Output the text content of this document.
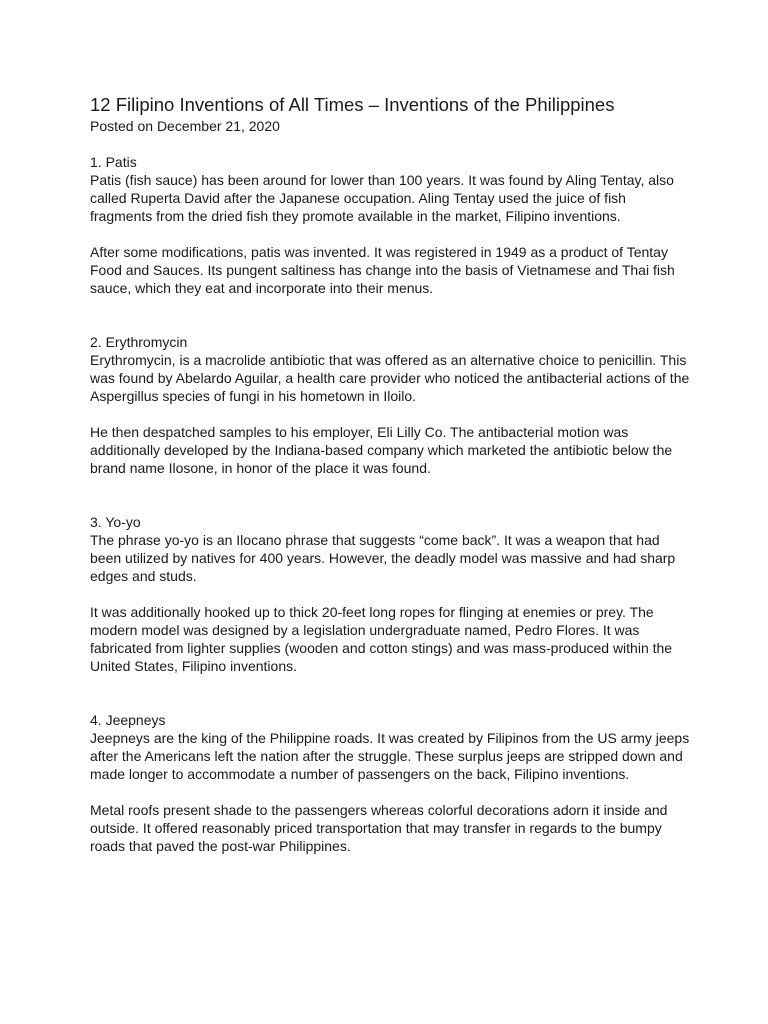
12 Filipino Inventions of All Times – Inventions of the Philippines
Posted on December 21, 2020
1. Patis

Patis (fish sauce) has been around for lower than 100 years. It was found by Aling Tentay, also called Ruperta David after the Japanese occupation. Aling Tentay used the juice of fish fragments from the dried fish they promote available in the market, Filipino inventions.

After some modifications, patis was invented. It was registered in 1949 as a product of Tentay Food and Sauces. Its pungent saltiness has change into the basis of Vietnamese and Thai fish sauce, which they eat and incorporate into their menus.

2. Erythromycin

Erythromycin, is a macrolide antibiotic that was offered as an alternative choice to penicillin. This was found by Abelardo Aguilar, a health care provider who noticed the antibacterial actions of the Aspergillus species of fungi in his hometown in Iloilo.

He then despatched samples to his employer, Eli Lilly Co. The antibacterial motion was additionally developed by the Indiana-based company which marketed the antibiotic below the brand name Ilosone, in honor of the place it was found.

3. Yo-yo

The phrase yo-yo is an Ilocano phrase that suggests “come back”. It was a weapon that had been utilized by natives for 400 years. However, the deadly model was massive and had sharp edges and studs.

It was additionally hooked up to thick 20-feet long ropes for flinging at enemies or prey. The modern model was designed by a legislation undergraduate named, Pedro Flores. It was fabricated from lighter supplies (wooden and cotton stings) and was mass-produced within the United States, Filipino inventions.

4. Jeepneys

Jeepneys are the king of the Philippine roads. It was created by Filipinos from the US army jeeps after the Americans left the nation after the struggle. These surplus jeeps are stripped down and made longer to accommodate a number of passengers on the back, Filipino inventions.

Metal roofs present shade to the passengers whereas colorful decorations adorn it inside and outside. It offered reasonably priced transportation that may transfer in regards to the bumpy roads that paved the post-war Philippines.
